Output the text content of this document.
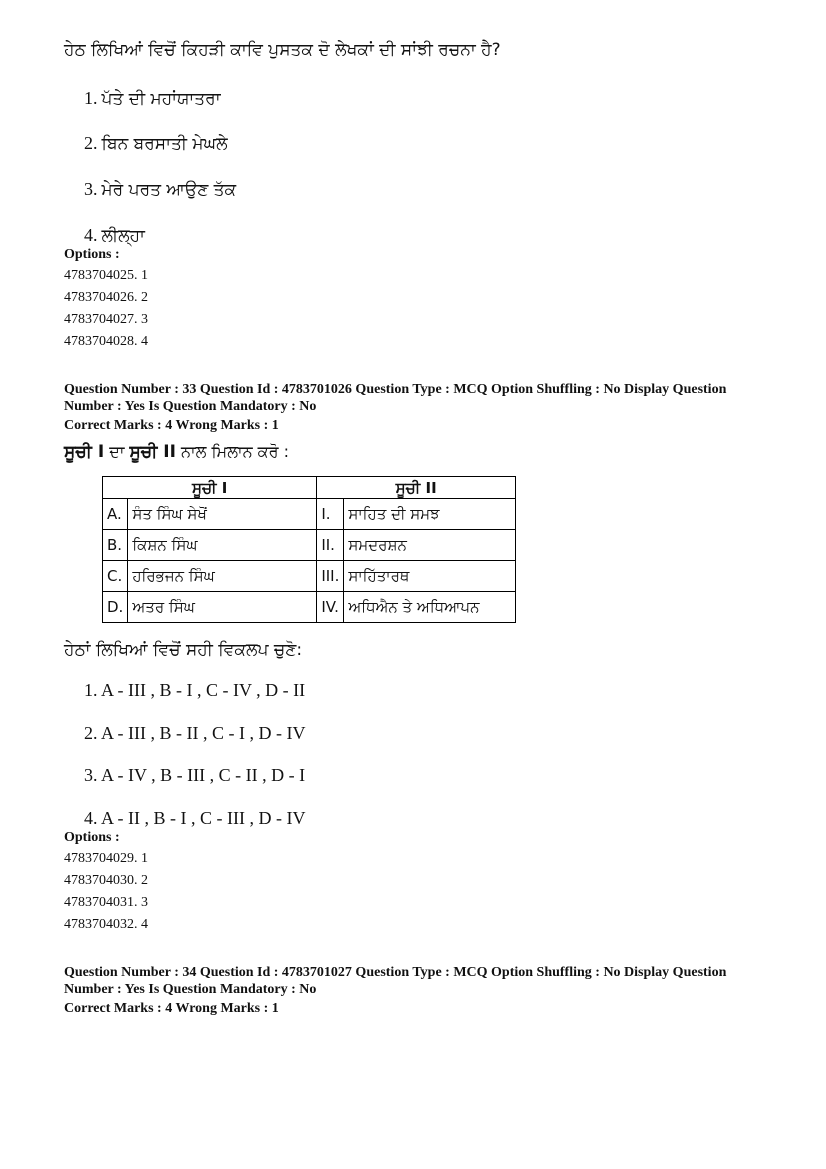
ਹੇਠ ਲਿਖਿਆਂ ਵਿਚੋਂ ਕਿਹੜੀ ਕਾਵਿ ਪੁਸਤਕ ਦੋ ਲੇਖਕਾਂ ਦੀ ਸਾਂਝੀ ਰਚਨਾ ਹੈ?
1. ਪੱਤੇ ਦੀ ਮਹਾਂਯਾਤਰਾ
2. ਬਿਨ ਬਰਸਾਤੀ ਮੇਘਲੇ
3. ਮੇਰੇ ਪਰਤ ਆਉਣ ਤੱਕ
4. ਲੀਲ੍ਹਾ
Options :
4783704025. 1
4783704026. 2
4783704027. 3
4783704028. 4
Question Number : 33 Question Id : 4783701026 Question Type : MCQ Option Shuffling : No Display Question
Number : Yes Is Question Mandatory : No
Correct Marks : 4 Wrong Marks : 1
ਸੂਚੀ I ਦਾ ਸੂਚੀ II ਨਾਲ ਮਿਲਾਨ ਕਰੋ :
ਸੂਚੀ I		ਸੂਚੀ II	
A.	ਸੰਤ ਸਿੰਘ ਸੇਖੋਂ	I.	ਸਾਹਿਤ ਦੀ ਸਮਝ
B.	ਕਿਸ਼ਨ ਸਿੰਘ	II.	ਸਮਦਰਸ਼ਨ
C.	ਹਰਿਭਜਨ ਸਿੰਘ	III.	ਸਾਹਿੱਤਾਰਥ
D.	ਅਤਰ ਸਿੰਘ	IV.	ਅਧਿਐਨ ਤੇ ਅਧਿਆਪਨ
ਹੇਠਾਂ ਲਿਖਿਆਂ ਵਿਚੋਂ ਸਹੀ ਵਿਕਲਪ ਚੁਣੋ:
1. A - III , B - I , C - IV , D - II
2. A - III , B - II , C - I , D - IV
3. A - IV , B - III , C - II , D - I
4. A - II , B - I , C - III , D - IV
Options :
4783704029. 1
4783704030. 2
4783704031. 3
4783704032. 4
Question Number : 34 Question Id : 4783701027 Question Type : MCQ Option Shuffling : No Display Question
Number : Yes Is Question Mandatory : No
Correct Marks : 4 Wrong Marks : 1
